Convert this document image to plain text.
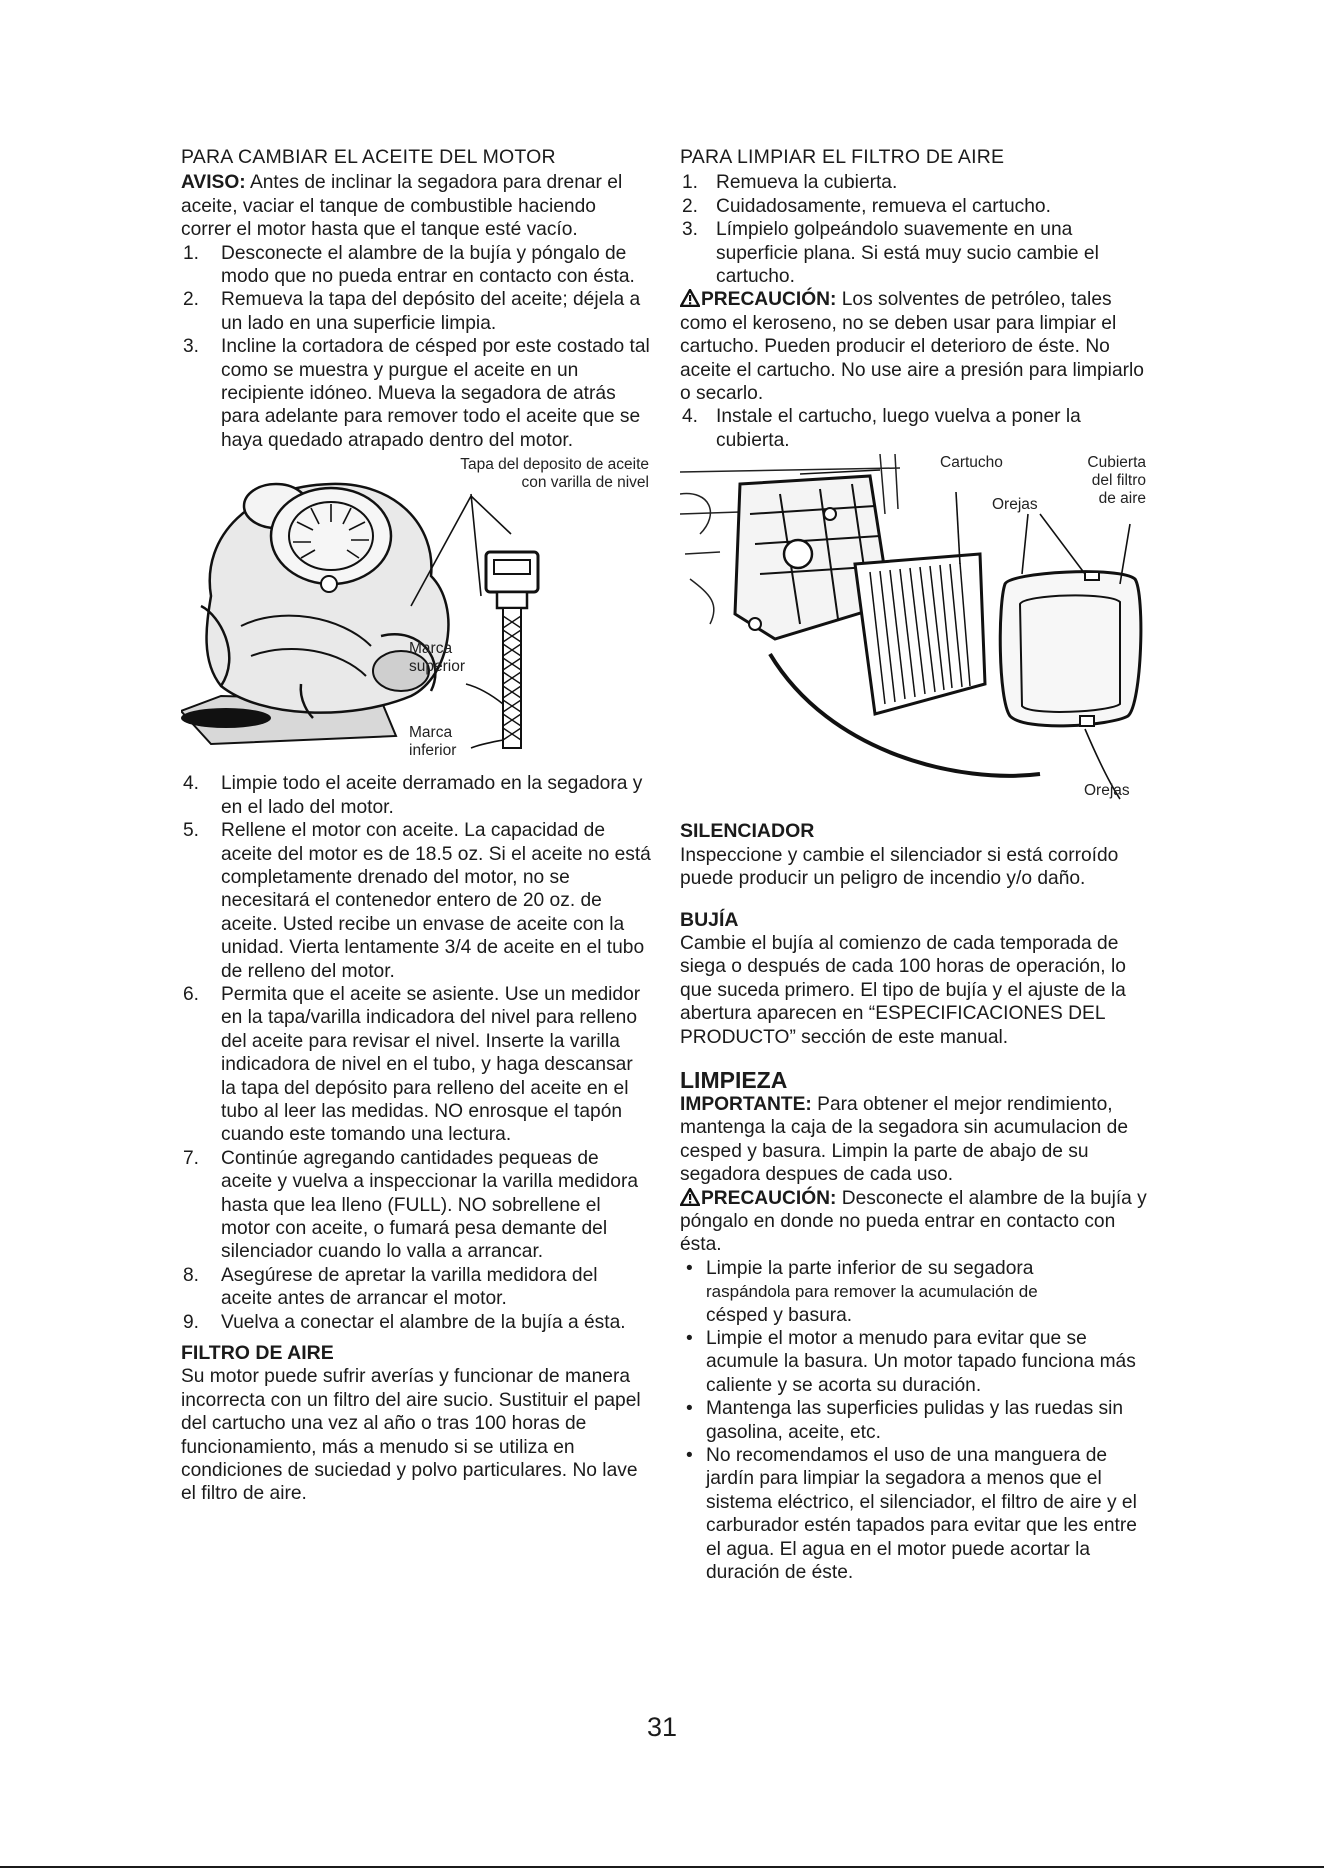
PARA CAMBIAR EL ACEITE DEL MOTOR

AVISO: Antes de inclinar la segadora para drenar el aceite, vaciar el tanque de combustible haciendo correr el motor hasta que el tanque esté vacío.

1. Desconecte el alambre de la bujía y póngalo de modo que no pueda entrar en contacto con ésta.
2. Remueva la tapa del depósito del aceite; déjela a un lado en una superficie limpia.
3. Incline la cortadora de césped por este costado tal como se muestra y purgue el aceite en un recipiente idóneo. Mueva la segadora de atrás para adelante para remover todo el aceite que se haya quedado atrapado dentro del motor.
Tapa del deposito de aceite
con varilla de nivel
Marca
superior
Marca
inferior
4. Limpie todo el aceite derramado en la segadora y en el lado del motor.
5. Rellene el motor con aceite. La capacidad de aceite del motor es de 18.5 oz. Si el aceite no está completamente drenado del motor, no se necesitará el contenedor entero de 20 oz. de aceite. Usted recibe un envase de aceite con la unidad. Vierta lentamente 3/4 de aceite en el tubo de relleno del motor.
6. Permita que el aceite se asiente. Use un medidor en la tapa/varilla indicadora del nivel para relleno del aceite para revisar el nivel. Inserte la varilla indicadora de nivel en el tubo, y haga descansar la tapa del depósito para relleno del aceite en el tubo al leer las medidas. NO enrosque el tapón cuando este tomando una lectura.
7. Continúe agregando cantidades pequeas de aceite y vuelva a inspeccionar la varilla medidora hasta que lea lleno (FULL). NO sobrellene el motor con aceite, o fumará pesa demante del silenciador cuando lo valla a arrancar.
8. Asegúrese de apretar la varilla medidora del aceite antes de arrancar el motor.
9. Vuelva a conectar el alambre de la bujía a ésta.
FILTRO DE AIRE

Su motor puede sufrir averías y funcionar de manera incorrecta con un filtro del aire sucio. Sustituir el papel del cartucho una vez al año o tras 100 horas de funcionamiento, más a menudo si se utiliza en condiciones de suciedad y polvo particulares. No lave el filtro de aire.

PARA LIMPIAR EL FILTRO DE AIRE
1. Remueva la cubierta.
2. Cuidadosamente, remueva el cartucho.
3. Límpielo golpeándolo suavemente en una superficie plana. Si está muy sucio cambie el cartucho.

PRECAUCIÓN: Los solventes de petróleo, tales como el keroseno, no se deben usar para limpiar el cartucho. Pueden producir el deterioro de éste. No aceite el cartucho. No use aire a presión para limpiarlo o secarlo.

4. Instale el cartucho, luego vuelva a poner la cubierta.
Cartucho	Cubierta
del filtro
de aire
Orejas
Orejas
SILENCIADOR

Inspeccione y cambie el silenciador si está corroído puede producir un peligro de incendio y/o daño.

BUJÍA

Cambie el bujía al comienzo de cada temporada de siega o después de cada 100 horas de operación, lo que suceda primero. El tipo de bujía y el ajuste de la abertura aparecen en “ESPECIFICACIONES DEL PRODUCTO” sección de este manual.

LIMPIEZA

IMPORTANTE: Para obtener el mejor rendimiento, mantenga la caja de la segadora sin acumulacion de cesped y basura. Limpin la parte de abajo de su segadora despues de cada uso.

PRECAUCIÓN: Desconecte el alambre de la bujía y póngalo en donde no pueda entrar en contacto con ésta.

• Limpie la parte inferior de su segadora
raspándola para remover la acumulación de
césped y basura.
• Limpie el motor a menudo para evitar que se acumule la basura. Un motor tapado funciona más caliente y se acorta su duración.
• Mantenga las superficies pulidas y las ruedas sin gasolina, aceite, etc.
• No recomendamos el uso de una manguera de jardín para limpiar la segadora a menos que el sistema eléctrico, el silenciador, el filtro de aire y el carburador estén tapados para evitar que les entre el agua. El agua en el motor puede acortar la duración de éste.
31
